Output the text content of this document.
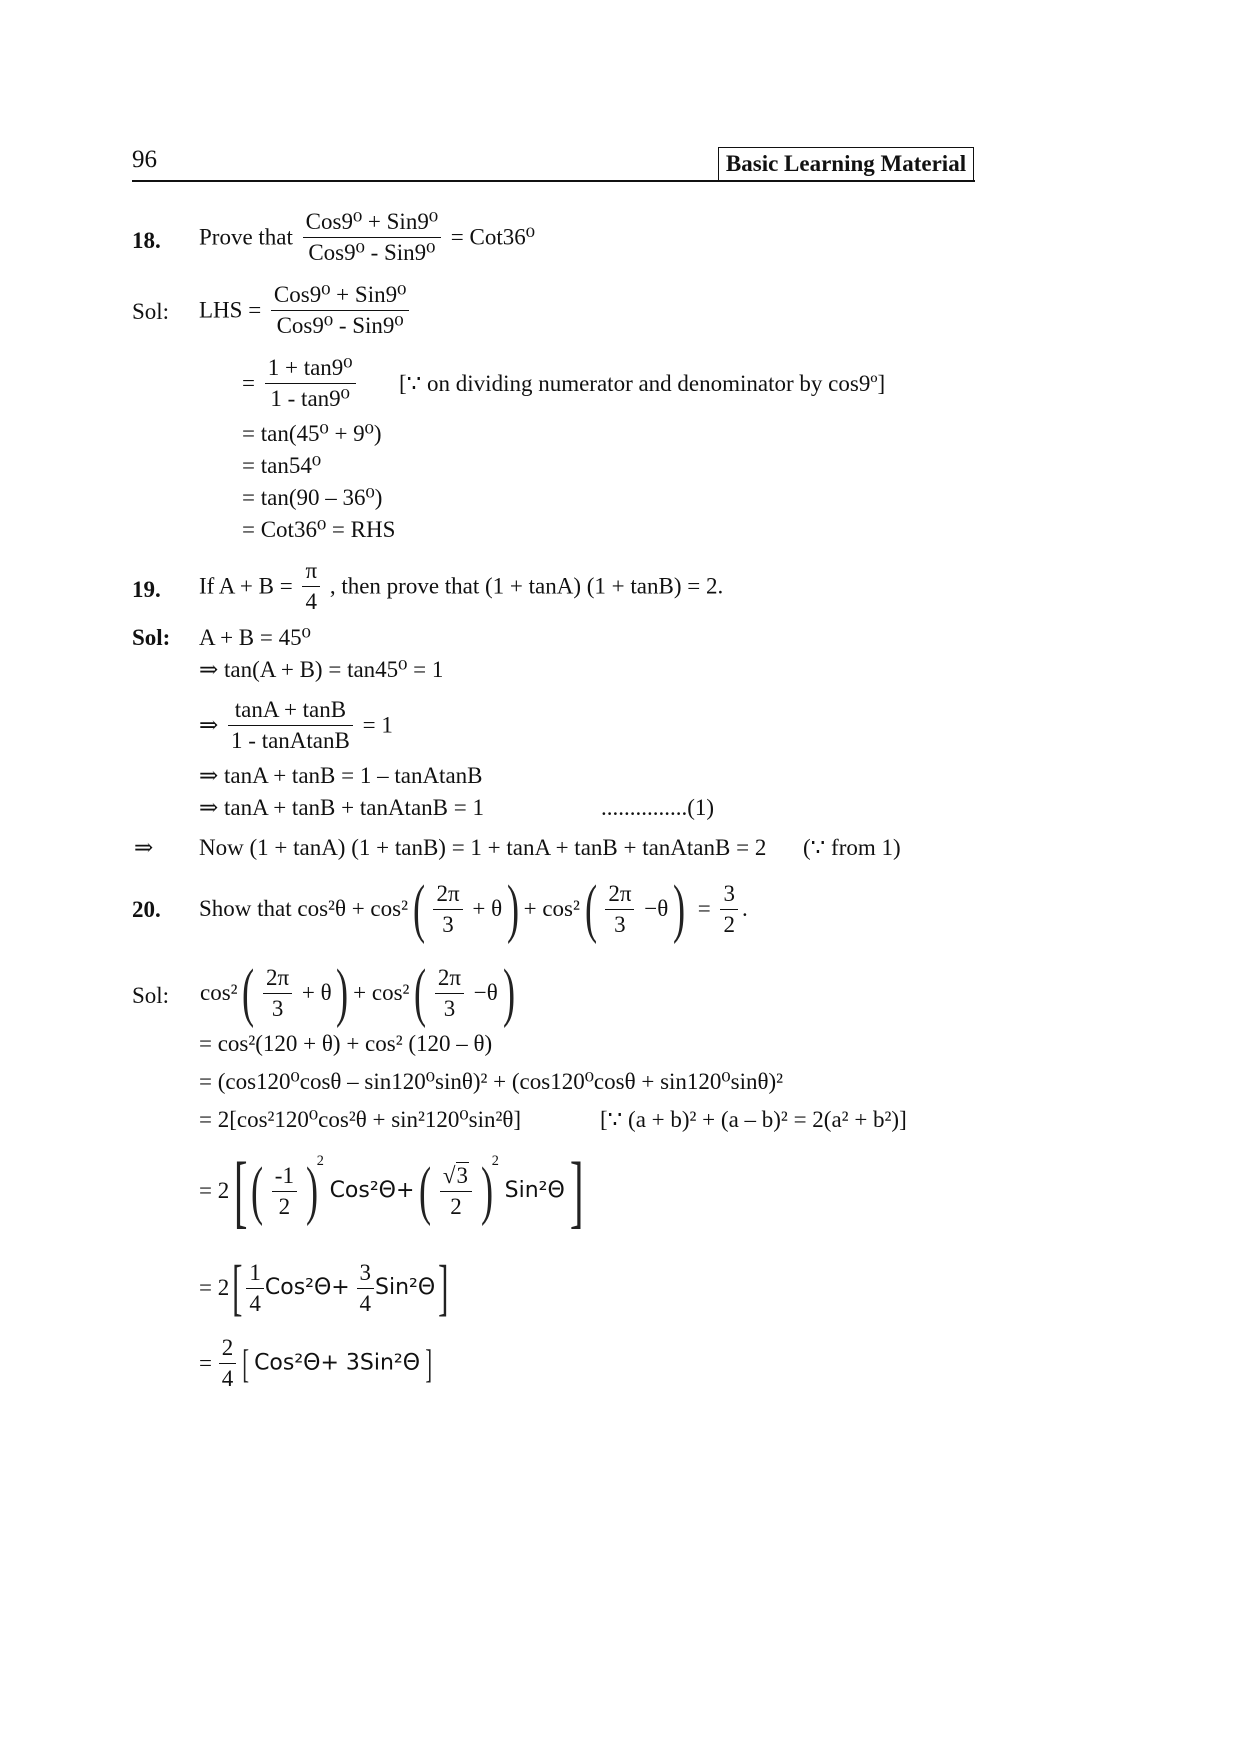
96	Basic Learning Material
18. Prove that $\frac{\text{Cos9⁰ + Sin9⁰}}{\text{Cos9⁰ - Sin9⁰}} = Cot36^0$
Sol: LHS = $\frac{\text{Cos9⁰ + Sin9⁰}}{\text{Cos9⁰ - Sin9⁰}}$
= $\frac{\text{1 + tan9⁰}}{\text{1 - tan9⁰}}$ [∵ on dividing numerator and denominator by cos9º]
= tan(45⁰ + 9⁰)
= tan54⁰
= tan(90 – 36⁰)
= Cot36⁰ = RHS
19. If $A + B = \frac{\pi}{4}$ , then prove that (1 + tanA) (1 + tanB) = 2.
Sol: A + B = 45⁰
⇒ tan(A + B) = tan45⁰ = 1
⇒ $\frac{\tan A + \tan B}{\text{1 - tanAtanB}} = 1$
⇒ tanA + tanB = 1 – tanAtanB
⇒ tanA + tanB + tanAtanB = 1	...............(1)
⇒ Now (1 + tanA) (1 + tanB) = 1 + tanA + tanB + tanAtanB = 2 (∵ from 1)
20. Show that cos²θ + cos² ( $\frac{2\pi}{3} + \theta$ ) + cos² ( $\frac{2\pi}{3} -\theta$ ) = $\frac{3}{2}$ .
Sol: cos² ( $\frac{2\pi}{3} + \theta$ ) + cos² ( $\frac{2\pi}{3} -\theta$ )
= cos²(120 + θ) + cos² (120 – θ)
= (cos120⁰cosθ – sin120⁰sinθ)² + (cos120⁰cosθ + sin120⁰sinθ)²
= 2[cos²120⁰cos²θ + sin²120⁰sin²θ]	[∵ (a + b)² + (a – b)² = 2(a² + b²)]
= 2 [ ( $\frac{-1}{2} )^2$ Cos²Θ+ ( $\frac{√3}{2} )^2$ Sin²Θ ]
= 2 [ $\frac{1}{4} Cos^2\Theta+ \frac{3}{4} Sin^2\Theta$ ]
= $\frac{2}{4}$ [ Cos²Θ+ 3Sin²Θ ]
